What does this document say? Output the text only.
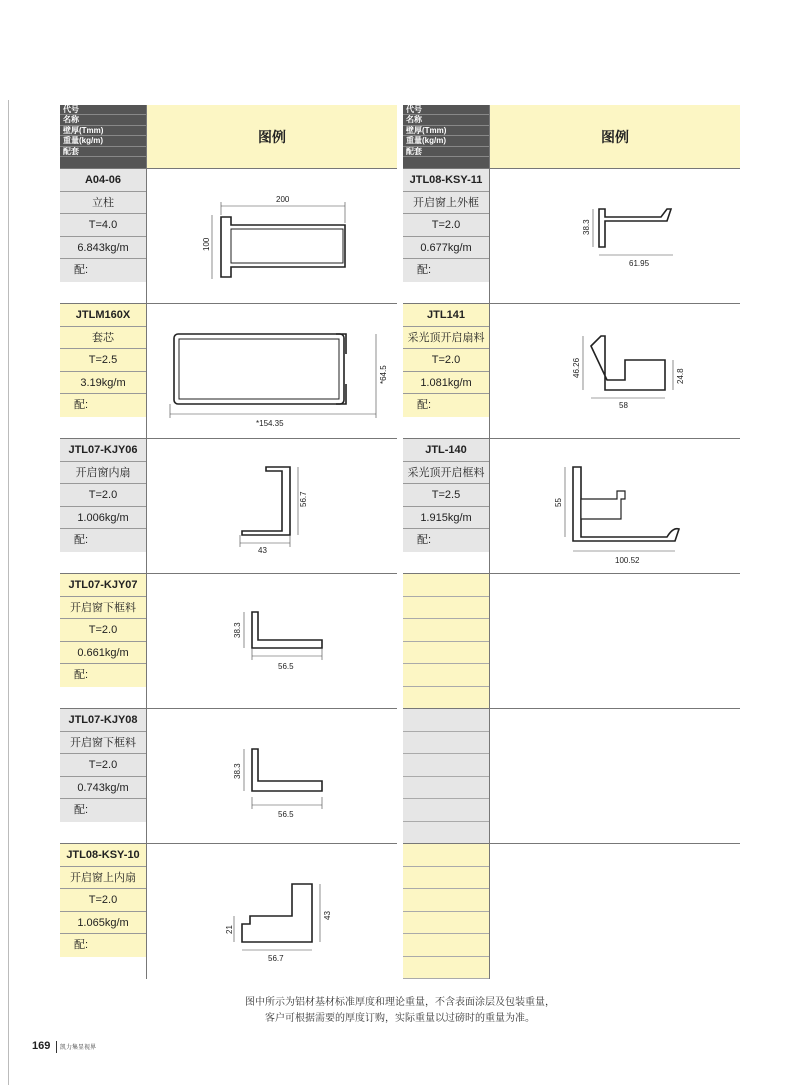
代号
名称
壁厚(Tmm)
重量(kg/m)
配套
图例
A04-06
立柱
T=4.0
6.843kg/m
配:
200
100
JTLM160X
套芯
T=2.5
3.19kg/m
配:
*154.35
*64.5
JTL07-KJY06
开启窗内扇
T=2.0
1.006kg/m
配:
43
56.7
JTL07-KJY07
开启窗下框料
T=2.0
0.661kg/m
配:
56.5
38.3
JTL07-KJY08
开启窗下框料
T=2.0
0.743kg/m
配:	56.5
38.3
JTL08-KSY-10
开启窗上内扇
T=2.0
1.065kg/m
配:
56.7
21
43
代号
名称
壁厚(Tmm)
重量(kg/m)
配套
图例
JTL08-KSY-11
开启窗上外框
T=2.0
0.677kg/m
配:
61.95
38.3
JTL141
采光顶开启扇料
T=2.0
1.081kg/m
配:	58
46.26	24.8
JTL-140
采光顶开启框料
T=2.5
1.915kg/m
配:
100.52
55
图中所示为铝材基材标准厚度和理论重量，不含表面涂层及包装重量，
客户可根据需要的厚度订购，实际重量以过磅时的重量为准。
169 凯力集显视界
